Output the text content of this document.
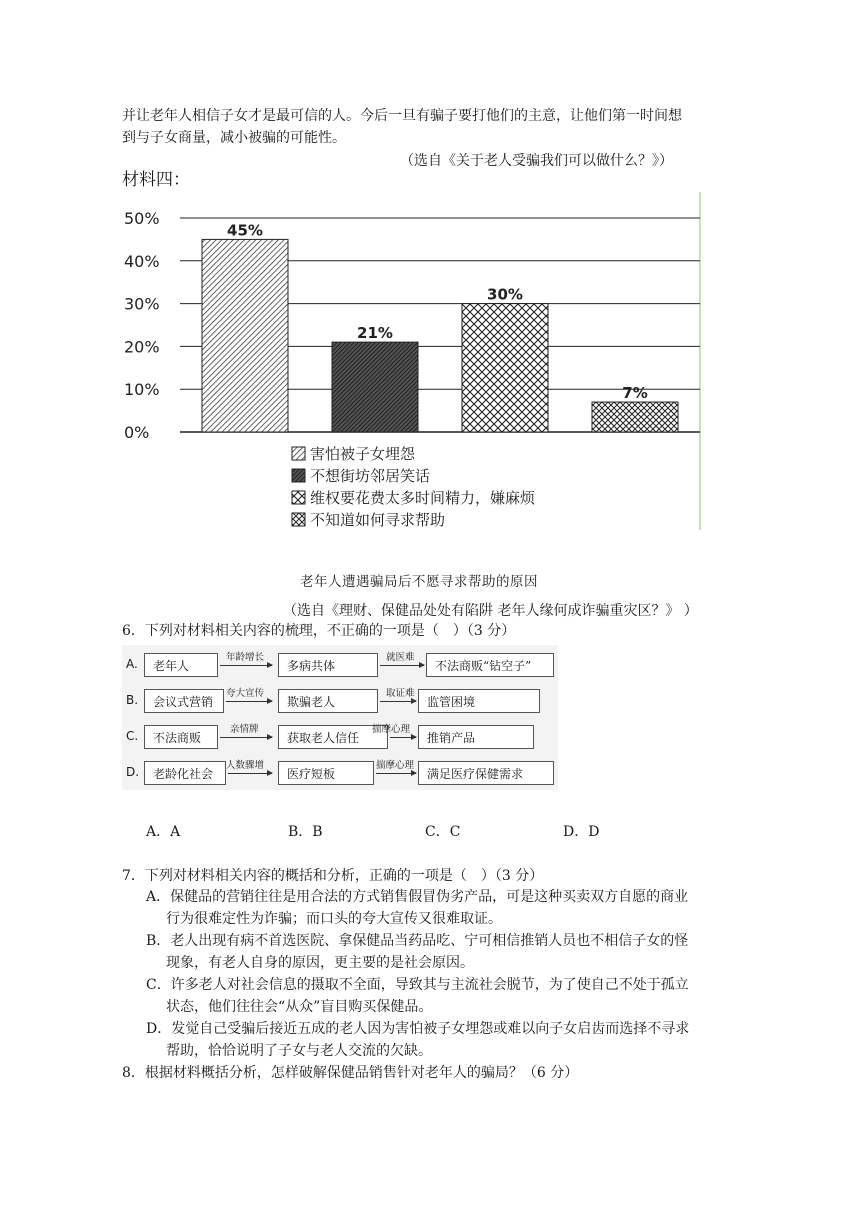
并让老年人相信子女才是最可信的人。今后一旦有骗子要打他们的主意，让他们第一时间想
到与子女商量，减小被骗的可能性。
（选自《关于老人受骗我们可以做什么？》）
材料四：
0%
10%
20%
30%
40%
50%
45%
21%
30%
7%
害怕被子女埋怨
不想街坊邻居笑话
维权要花费太多时间精力，嫌麻烦
不知道如何寻求帮助
老年人遭遇骗局后不愿寻求帮助的原因
（选自《理财、保健品处处有陷阱 老年人缘何成诈骗重灾区？》 ）
6．下列对材料相关内容的梳理，不正确的一项是（　）（3 分）
A.	老年人
年龄增长
多病共体
就医难
不法商贩“钻空子”
B.	会议式营销
夸大宣传
欺骗老人
取证难
监管困境
C.	不法商贩
亲情牌
获取老人信任
揣摩心理
推销产品
D.	老龄化社会
人数骤增
医疗短板
揣摩心理
满足医疗保健需求
A．A	B．B	C．C	D．D
7．下列对材料相关内容的概括和分析，正确的一项是（　）（3 分）
A．保健品的营销往往是用合法的方式销售假冒伪劣产品，可是这种买卖双方自愿的商业
行为很难定性为诈骗；而口头的夸大宣传又很难取证。
B．老人出现有病不首选医院、拿保健品当药品吃、宁可相信推销人员也不相信子女的怪
现象，有老人自身的原因，更主要的是社会原因。
C．许多老人对社会信息的摄取不全面，导致其与主流社会脱节，为了使自己不处于孤立
状态，他们往往会“从众”盲目购买保健品。
D．发觉自己受骗后接近五成的老人因为害怕被子女埋怨或难以向子女启齿而选择不寻求
帮助，恰恰说明了子女与老人交流的欠缺。
8．根据材料概括分析，怎样破解保健品销售针对老年人的骗局？（6 分）
